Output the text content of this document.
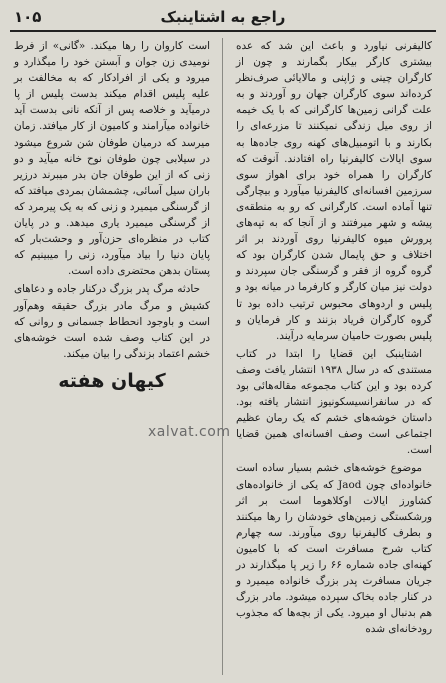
راجع به اشتاینبک
۱۰۵

کالیفرنی نیاورد و باعث این شد که عده بیشتری کارگر بیکار بگمارند و چون از کارگران چینی و ژاپنی و مالایائی صرف‌نظر کرده‌اند سوی کارگران جهان رو آوردند و به علت گرانی زمین‌ها کارگرانی که با یک خیمه از روی میل زندگی نمیکنند تا مزرعه‌ای را بکارند و با اتومبیل‌های کهنه روی جاده‌ها به سوی ایالات کالیفرنیا راه افتادند. آنوقت که کارگران را همراه خود برای اهواز سوی سرزمین افسانه‌ای کالیفرنیا میآورد و بیچارگی تنها آماده است. کارگرانی که رو به منطقه‌ی پیشه و شهر میرفتند و از آنجا که به تپه‌های پرورش میوه کالیفرنیا روی آوردند بر اثر اختلاف و حق پایمال شدن کارگران بود که گروه گروه از فقر و گرسنگی جان سپردند و دولت نیز میان کارگر و کارفرما در میانه بود و پلیس و اردوهای محبوس ترتیب داده بود تا گروه کارگران فریاد بزنند و کار فرمایان و پلیس بصورت حامیان سرمایه درآیند.

اشتاینبک این قضایا را ابتدا در کتاب مستندی که در سال ۱۹۳۸ انتشار یافت وصف کرده بود و این کتاب مجموعه مقاله‌هائی بود که در سانفرانسیسکونیوز انتشار یافته بود. داستان خوشه‌های خشم که یک رمان عظیم اجتماعی است وصف افسانه‌ای همین قضایا است.

موضوع خوشه‌های خشم بسیار ساده است خانواده‌ای چون Jaod که یکی از خانواده‌های کشاورز ایالات اوکلاهوما است بر اثر ورشکستگی زمین‌های خودشان را رها میکنند و بطرف کالیفرنیا روی میآورند. سه چهارم کتاب شرح مسافرت است که با کامیون کهنه‌ای جاده شماره ۶۶ را زیر پا میگذارند در جریان مسافرت پدر بزرگ خانواده میمیرد و در کنار جاده بخاک سپرده میشود. مادر بزرگ هم بدنبال او میرود. یکی از بچه‌ها که مجذوب رودخانه‌ای شده

است کاروان را رها میکند. «گانی» از فرط نومیدی زن جوان و آبستن خود را میگذارد و میرود و یکی از افرادکار که به مخالفت بر علیه پلیس اقدام میکند بدست پلیس از پا درمیآید و خلاصه پس از آنکه نانی بدست آید خانواده میآرامند و کامیون از کار میافتد. زمان میرسد که درمیان طوفان شن شروع میشود در سیلابی چون طوفان نوح خانه میآید و دو زنی که از این طوفان جان بدر میبرند درزیر باران سیل آسائی، چشمشان بمردی میافتد که از گرسنگی میمیرد و زنی که به یک پیرمرد که از گرسنگی میمیرد یاری میدهد. و در پایان کتاب در منظره‌ای حزن‌آور و وحشت‌بار که پایان دنیا را بیاد میآورد، زنی را میبینیم که پستان بدهن محتضری داده است.

حادثه مرگ پدر بزرگ درکنار جاده و دعاهای کشیش و مرگ مادر بزرگ حقیقه وهم‌آور است و باوجود انحطاط جسمانی و روانی که در این کتاب وصف شده است خوشه‌های خشم اعتماد بزندگی را بیان میکند.

کیهان هفته
xalvat.com
